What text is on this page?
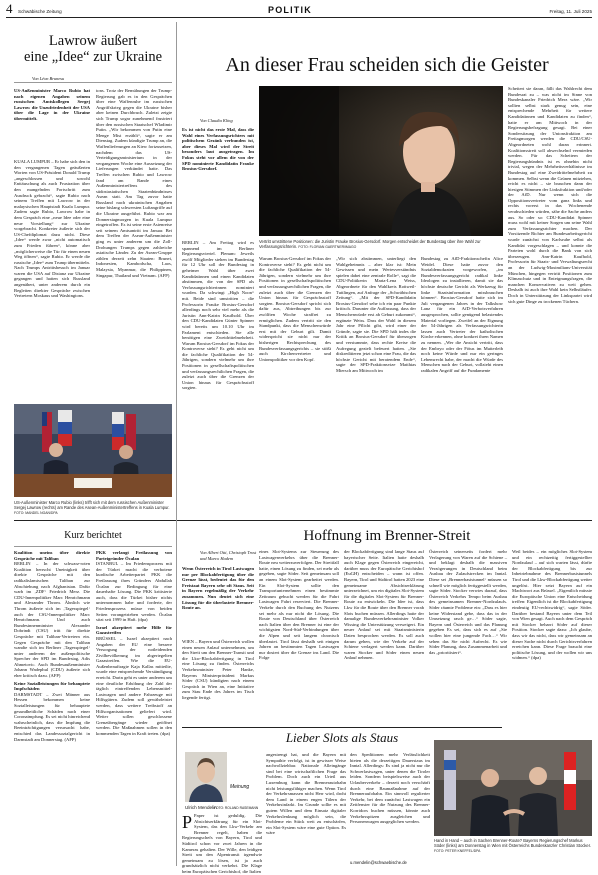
4 Schwäbische Zeitung	POLITIK	Freitag, 11. Juli 2025
Lawrow äußert
eine „Idee“ zur Ukraine
Von Léon Brunesu
US-Außenminister Marco Rubio hat nach eigenen Angaben seinem russischen Amtskollegen Sergej Lawrow die Unzufriedenheit der USA über die Lage in der Ukraine übermittelt.
KUALA LUMPUR – Er habe sich den in den vergangenen Tagen geäußerten Worten von US-Präsident Donald Trump „angeschlossen und sowohl Enttäuschung als auch Frustration über den mangelnden Fortschritt zum Ausdruck gebracht“, sagte Rubio nach seinem Treffen mit Lawrow in der malaysischen Hauptstadt Kuala Lumpur. Zudem sagte Rubio, Lawrow habe in dem Gespräch eine „neue Idee oder eine neue Vorstellung“ zur Ukraine vorgebracht. Konkreter äußerte sich der US-Chefdiplomat dazu nicht. Diese „Idee“ werde zwar „nicht automatisch zum Frieden führen“, könne aber „möglicherweise die Tür für einen neuen Weg öffnen“, sagte Rubio. Er werde die russische „Idee“ zum Trump übermitteln. Nach Trumps Antrittsbesuch im Januar waren die USA auf Distanz zur Ukraine gegangen und hatten sich Russland angenähert, unter anderem durch ein Begleiten direkter Gespräche zwischen Vertretern Moskaus und Washingtons.
tons. Trotz der Bemühungen der Trump-Regierung gab es in den Gesprächen über eine Waffenruhe im russischen Angriffskrieg gegen die Ukraine bisher aber keinen Durchbruch. Zuletzt zeigte sich Trump sogar zunehmend frustriert über den russischen Staatschef Wladimir Putin. „Wir bekommen von Putin eine Menge Mist erzählt“, sagte er am Dienstag. Zudem kündigte Trump an, die Waffenlieferungen an Kiew fortzusetzen, nachdem das US-Verteidigungsministerium in der vergangenen Woche eine Aussetzung der Lieferungen verkündet hatte. Das Treffen zwischen Rubio und Lawrow fand am Rande eines Außenministertreffens des südostasiatischen Staatenbündnisses Asean statt. Am Tag zuvor hatte Russland nach ukrainischen Angaben seine bislang schwersten Luftangriffe auf die Ukraine ausgeführt. Rubio war am Donnerstagmorgen in Kuala Lumpur eingetroffen. Es ist seine erste Asienreise seit seinem Amtsantritt im Januar. Bei dem Treffen der Asean-Außenminister ging es unter anderem um die Zoll-Drohungen Trumps gegen zahlreiche asiatische Länder. Zu der Asean-Gruppe zählen derzeit zehn Staaten: Brunei, Indonesien, Kambodscha, Laos, Malaysia, Myanmar, die Philippinen, Singapur, Thailand und Vietnam. (AFP)
US-Außenminister Marco Rubio (links) trifft sich mit dem russischen Außenminister Sergej Lawrow (rechts) am Rande des Asean-Außenministertreffens in Kuala Lumpur. FOTO: MANDEL NGAN/DPA
An dieser Frau scheiden sich die Geister
Von Claudia Kling
Es ist nicht das erste Mal, dass die Wahl eines Verfassungsrichters mit politischem Gezänk verbunden ist, aber dieses Mal wird der Streit besonders laut ausgetragen. Im Fokus steht vor allem die von der SPD nominierte Kandidatin Frauke Brosius-Gersdorf.
BERLIN – Am Freitag wird es spannend im Berliner Regierungsviertel. Plenum: Jeweils zwölf Mitglieder stehen im Bundestag für 12 Uhr soll der Bundestag in geheimer Wahl über zwei Kandidatinnen und einen Kandidaten abstimmen, die von der SPD als Verfassungsrichterinnen nominiert wurden. Da schwingt „High Noon“ mit. Beide sind umstritten – die Professorin Frauke Brosius-Gersdorf allerdings noch sehr viel mehr als die Juristin Ann-Katrin Kaufhold. Über den CDU-Kandidaten Günter Spinner wird bereits um 10.10 Uhr im Parlament entschieden. Sie alle benötigen eine Zweidrittelmehrheit. Warum Brosius-Gersdorf im Fokus der Kontroverse steht? Es geht nicht um die fachliche Qualifikation der 54-Jährigen, sondern vielmehr um ihre Positionen in gesellschaftspolitischen und verfassungsrechtlichen Fragen, die zuletzt auch über die Grenzen der Union hinaus für Gesprächsstoff sorgten.
Vertritt umstrittene Positionen: die Juristin Frauke Brosius-Gersdorf. Morgen entscheidet der Bundestag über ihre Wahl zur Verfassungsrichterin. FOTO: FLORIAN GAERTNER/IMAGO
Warum Brosius-Gersdorf im Fokus der Kontroverse steht? Es geht nicht um die fachliche Qualifikation der 54-Jährigen, sondern vielmehr um ihre Positionen in gesellschaftspolitischen und verfassungsrechtlichen Fragen, die zuletzt auch über die Grenzen der Union hinaus für Gesprächsstoff sorgten. Brosius-Gersdorf spricht sich dafür aus, Abtreibungen bis zur zwölften Woche straffrei zu ermöglichen. Zudem vertritt sie den Standpunkt, dass die Menschenwürde erst mit der Geburt gilt. Damit widerspricht sie nicht nur der bisherigen Rechtsprechung des Bundesverfassungsgerichts – sie stößt auch Kirchenvertreter und Unionspolitiker vor den Kopf.
„Wir sich abstimmen, unterliegt den Wahlgeheimnis – aber klar ist: Mein Gewissen und mein Wertesverständnis spielen dabei eine zentrale Rolle“, sagt die CDU-Politikerin Maria-Lena Weiss, Abgeordnete für den Wahlkreis Rottweil-Tuttlingen, auf Anfrage der „Schwäbischen Zeitung“. „Mit der SPD-Kandidatin Brosius-Gersdorf sehe ich ein paar Punkte kritisch. Darunter die Auffassung, dass der Menschenwürde erst ab Geburt zukommt“, ergänzte Weiss. Dass der Wahl in diesem Jahr eine Pflicht gibt, wird einer der Gründe, sagte sie. Die SPD hält indes die Kritik an Brosius-Gersdorf für überzogen und verstummte, dass rechte Kreise die Aufregung gezielt befeuert hatten. „Sie diskreditieren jetzt schon eine Frau, die das höchste Gericht mit beratendem Ende“, sagte der SPD-Fraktionsvize Matthias Miersch am Mittwoch im
Bundestag zu AfD-Fraktionschefin Alice Weidel. Diese hatte zuvor den Sozialdemokraten vorgeworfen, „im Bundesverfassungsgericht radikal linke Ideologen zu installieren, damit sie das höchste deutsche Gericht als Werkzeug für linke Staatsinformation missbrauchen können“. Brosius-Gersdorf hatte sich im Juli vergangenen Jahres in der Talkshow Lanz für ein AfD-Verbotsverfahren ausgesprochen, sollte genügend belastendes Material vorliegen. Zweifel an der Eignung der 54-Jährigen als Verfassungsrichterin lassen auch Vertreter der katholischen Kirche erkennen, ohne konkret ihren Namen zu nennen. „Wer die Ansicht vertritt, dass der Embryo oder der Fötus im Mutterleib noch keine Würde und nur ein geringes Lebensrecht habe, der macht die Würde des Menschen nach der Geburt, vollzieht einen radikalen Angriff auf die Fundamente
Scheitert sie daran, fällt das Wahlrecht dem Bundesrat zu – was nicht im Sinne von Bundeskanzler Friedrich Merz wäre. „Wir sollten selbst stark genug sein, eine entsprechende Mehrheit für weitere Kandidatinnen und Kandidaten zu finden“, hatte er am Mittwoch in der Regierungsbefragung gesagt. Bei einer Sondersitzung der Unionsfraktion am Freitagmorgen werden die CDU/CSU-Abgeordneten wohl daran erinnert. Koalitionsstreit soll abwechselnd vermieden werden. Für das Scheitern der Regierungsbündnis ist es ohnehin nicht trivial, wegen der Mehrheitsverhältnisse im Bundestag auf eine Zweidrittelmehrheit zu kommen. Selbst wenn die Grünen mitziehen, reicht es nicht – sie brauchen dann der hiesigen Stimmen der Linksfraktion und/oder der AfD. Nur wenn sich die Oppositionsvertreter vom ganz links und rechts vorerst in das Wochenende verabschieden würden, sähe die Sache anders aus. So oder so: CDU-Kandidat Spinner muss wohl mit keiner Sorgen um seine Wahl zum Verfassungsrichter machen. Der Vorsitzende Richter am Bundesarbeitsgericht wurde zunächst von Karlsruhe selbst als Kandidat vorgeschlagen – und konnte die Parteien wohl durch die Bank von sich überzeugen. Ann-Katrin Kaufhold, Professorin für Staats- und Verwaltungsrecht an der Ludwig-Maximilians-Universität München, hingegen vertritt Positionen zum Klimaschutz und in Enteignungsfragen, die manchen Konservativen zu weit gehen. Deshalb ist auch ihre Wahl kein Selbstläufer. Doch in Unterstützung der Linkspartei wird sich gute Dinge zu trockenen Tüchern.
Kurz berichtet
Koalition uneins über direkte Gespräche mit Taliban
BERLIN – In der schwarz-roten Koalition herrscht Uneinigkeit über direkte Gespräche mit den radikalislamischen Taliban zur Abschiebung nach Afghanistan. Dafür warb im ‚ZDF‘ Friedrich Merz. Die CDU-Innenpolitiker Marc Henrichmann und Alexander Throm. Ähnlich wie Throm äußerte sich im ‚Tagesspiegel‘ auch der CSU-Innenpolitiker Marc Henrichmann. Und auch Bundesinnenminister Alexander Dobrindt (CSU) tritt für direkte Gespräche mit Taliban-Vertretern ein. Gegen Gespräche mit den Taliban wandte sich im Berliner ‚Tagesspiegel‘ unter anderem der außenpolitische Sprecher der SPD im Bundestag, Adis Ahmetovic. Auch Bundesaußenminister Johann Wadephul (CDU) äußerte sich eher kritisch dazu. (AFP)
Keine Sozialleistungen für behauptete Impfschäden
DARMSTADT – Zwei Männer aus Hessen bekommen keine Sozialleistungen für behauptete gesundheitliche Schäden nach einer Coronaimpfung. Es sei nicht hinreichend wahrscheinlich, dass die Impfung die Beeinträchtigungen verursacht habe, entschied das Landessozialgericht in Darmstadt am Donnerstag. (AFP)
PKK verlangt Freilassung von Parteigründer Öcalan
ISTANBUL – Im Friedensprozess mit der Türkei macht die verbotene kurdische Arbeiterpartei PKK die Freilassung ihres Gründers Abdullah Öcalan zur Bedingung für eine dauerhafte Lösung. Die PKK kritisierte auch, dass die Türkei bisher nichts unternommen habe und forderte, der Friedensprozess müsse von beiden Seiten vorangetrieben werden. Öcalan sitzt seit 1999 in Haft. (dpa)
Israel akzeptiert mehr Hilfe für Gazastreifen
BRÜSSEL – Israel akzeptiert nach Angaben der EU eine bessere Versorgung der notleidenden Zivilbevölkerung im abgeriegelten Gazastreifen. Wie die EU-Außenbeauftragte Kaja Kallas mitteilte, wurde eine entsprechende Verständigung erreicht. Darin geht es unter anderem um eine deutliche Erhöhung der Zahl der täglich eintreffenden Lebensmittel-Lastwagen und andere Fahrzeuge mit Hilfsgütern. Zudem soll gewährleistet werden, dass weitere Treibstoff an Hilfsorganisationen geliefert wird. Weiter sollen geschlossene Grenzübergänge wieder geöffnet werden. Die Maßnahmen sollen in den kommenden Tagen in Kraft treten. (dpa)
Hoffnung im Brenner-Streit
Von Albert Otti, Christoph Trost
und Marco Hadem
Wenn Österreich in Tirol Lastwagen nur per Blockabfertigung über die Grenze lässt, bedeutet das für den Freistaat Bayern sehr oft Staus. Seit in Bayern regelmäßig der Verkehr zusammen. Nun deutet sich eine Lösung für die überlastete Brenner-Route an.
WIEN – Bayern und Österreich wollen einen neuen Anlauf unternehmen, um den Streit um den Brenner-Transit und die Lkw-Blockabfertigung in Tirol eine Lösung zu finden. Österreichs Verkehrsminister Peter Hanke, Bayerns Ministerpräsident Markus Söder (CSU) kündigten nach einem Gespräch in Wien an, eine Initiative zum Stau Ende des Jahres im Tisch liegende fertigt.
eines Slot-Systems zur Steuerung des Lastwagenverkehrs über die Brenner-Route neu weiterzuverfolgen. Der Streitfall hatte, einen Lösung zu finden, sei mehr als gegeben, sagte Söder. Seit gemeinsam soll an einem Slot-System gearbeitet werden. Ein Slot-System sollte den Transportunternehmen einen bestimmte Zeitraum gebucht werden für die Fahrt Lastwagen Fahrt reserviert. Die Brenner-Verkehr durch den Buchung des Nutzens sei mehr als nur nicht die Lösung. Die Route von Deutschland über Österreich nach Italien über den Brenner ist eine der wichtigsten Nord-Süd-Verbindungen über die Alpen und seit langem chronisch überlastet. Tirol lässt deshalb seit einigen Jahren an bestimmten Tagen Lastwagen nur dosiert über die Grenze ins Land. Die Folge
der Blockabfertigung sind lange Staus auf bayerischer Seite. Italien hatte deshalb auch Klage gegen Österreich eingereicht, darüber muss der Europäische Gerichtshof (EuGH) entscheiden – wann ist offen. Bayern, Tirol und Südtirol hatten 2023 eine gemeinsame Absichtserklärung unterzeichnet, um ein digitales Slot-System für die digitales Slot-System für Brenner-Route zu entwickeln. Die Idee ist, dass Lkw für die Route über den Brenner vorab Slots buchen müssen. Allerdings hatte der damalige Bundesverkehrsminister Volker Wissing die Unterstützung verweigert. Ein neuer Anlauf sei mit Staatsministerin Daten besprochen werden. Es soll auch darum gehen, wie der Verkehr auf der Schiene verlagert werden kann. Darüber waren Stocker und Söder einen neuen Anlauf nehmen.
Österreich seinerseits fordert mehr Verlagerung von Waren auf die Schiene – und beklagt deshalb die massiven Verzögerungen in Deutschland beim Ausbau der Zulaufstrecken im Inntal. Diese sei ‚Brennerbasistunnel‘ müssen so schnell wie möglich fertiggestellt werden, sagte Söder. Stocker verwies darauf, dass Österreich Verkehrs Tempo beim Ausbau des gemeinsamen Brenner-Nordzulaufs. Söder räumte Probleme ein: „Dass es hier keine Widerstand gebe, dass das in der Umsetzung rasch ge…“ Söder sagte, Bayern und Österreich und das Planung gegeben Es sei, dass sich es auf „Sie wollen hier eine jungende Fach…“ Wir sehen das Sie nicht Aufrecht. Es wie Söder Planung, dass Zusammenarbeit und das „prioritisiert“.
Weil beides – ein mögliches Slot-System und ein rechtzeitig fertiggestellter Nordzulauf – auf sich warten lässt, dürfte der Blockabfertigung bis zur Inbetriebnahme des Brennerbasistunnels Tirol und die Lkw-Blockabfertigung weiter ungelöst. Hier setzt Bayern auf ein Machtwort aus Brüssel. „Eigentlich müsste die Europäische Union eine Entscheidung treffen: Eigentlich ist die Blockabfertigung eindeutig EU-rechtswidrig“, sagte Söder. Darüber bestand Bayern unter dem Teil von Wien gesagt. Auch nach dem Gespräch mit Stocker beharrt Söder auf dieser Position. Stocker sagte dazu: „Ich glaube, dass wir das nicht, dass wir gemeinsam an dieser Sache nicht durch Gerichtsverfahren erreichen kann. Diese Frage braucht eine politische Lösung, und der wollen wir uns widmen.“ (dpa)
Lieber Slots als Staus
Meinung
Ulrich Mendelin
FOTO: ROLAND RASEMANN
P Paper ist geduldig. Die Absichtserklärung für ein Slot-System, das den Lkw-Verkehr am Brenner regelt, haben die Regierungschefs von Bayern, Tirol und Südtirol schon vor zwei Jahren in die Kameras gehalten. Der Wille, den leidigen Streit um den Alpentransit irgendwie gemeinsam zu lösen, ist ja auch grundsätzlich nicht verkehrt. Die Klage beim Europäischen Gerichtshof, die Italien
angestrengt hat, und die Bayern mit Sympathie verfolgt, ist in gewisser Weise nachvollziehbar. Nationale Alleingänge sind bei eine wirtschaftlichen Frage das Problem. Doch auch ein Urteil aus Luxemburg kann die Brennerautobahn nicht leistungsfähiger machen. Wenn Tirol der Verkehrsmassen nicht Herr wird, droht dem Land in einem engen Tälern der Verkehrsinfarkt. Im Grunde sollte es mit gutem Willen und dem Einsatz digitaler Verkehrslenkung möglich sein, die Probleme ein Stück weit zu entschärfen, ein Slot-System wäre eine gute Option. Es wäre
den Speditionen mehr Verlässlichkeit bieten als die derzeitigen Dauerstaus im Inntal. Allerdings: Es sind ja nicht nur die Schwerlastwagen, unter denen die Tiroler leiden. Sondern beispielsweise auch der Urlauberverkehr – derzeit noch verschärft durch eine Baumaßnahme auf der Brenneraufobahn. Ein sinnvoll regulierter Verkehr, bei dem zunächst Lastwagen ein Zeitfenster für die Nutzung des Brenner-Korridors buchen müssen, könnte auch Verkehrsspitzen ausgleichen und Personenwagen ausgeglichen werden.
u.mendelin@schwaebische.de
Hand in Hand – auch in Sachen Brenner-Route? Bayerns Regierungschef Markus Söder (links) am Donnerstag in Wien mit Österreichs Bundeskanzler Christian Stocker. FOTO: PETER KNEFFEL/DPA
